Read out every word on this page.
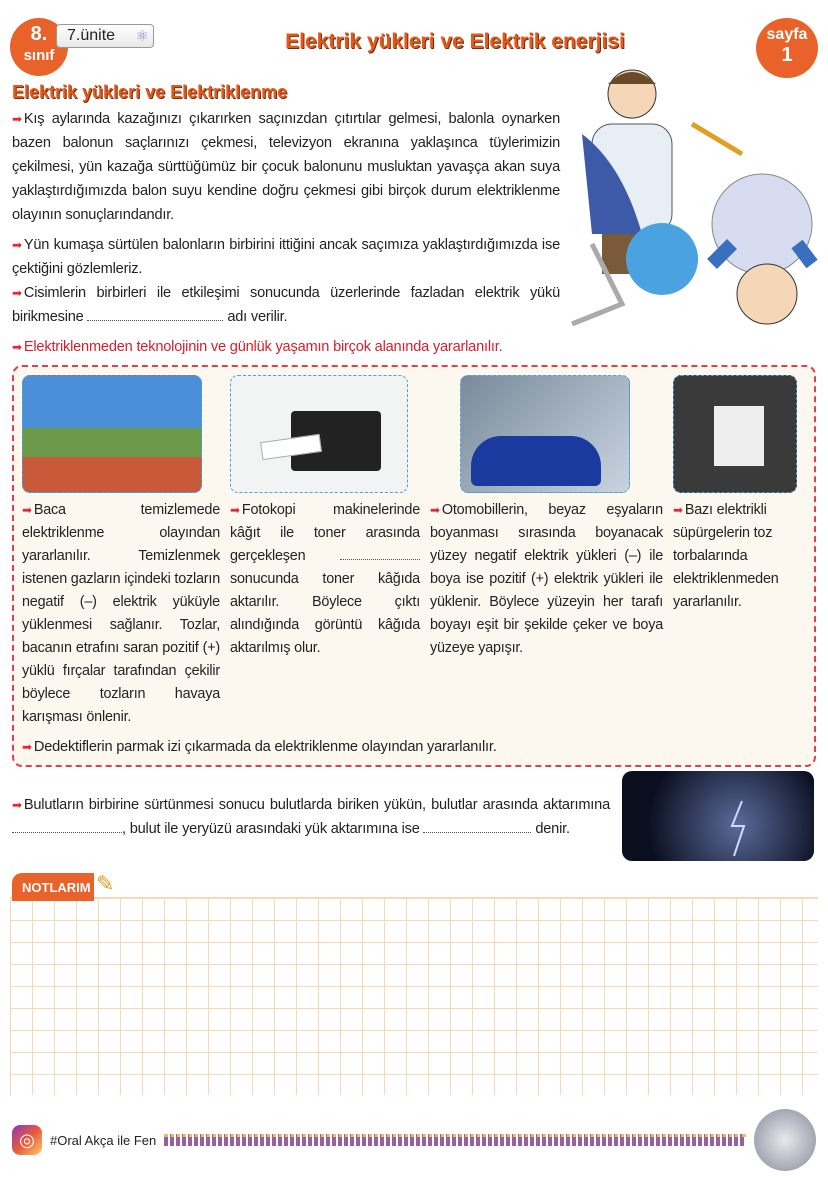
8.
sınıf
7.ünite ⚛	Elektrik yükleri ve Elektrik enerjisi	sayfa
1
Elektrik yükleri ve Elektriklenme
➡ Kış aylarında kazağınızı çıkarırken saçınızdan çıtırtılar gelmesi, balonla oynarken bazen balonun saçlarınızı çekmesi, televizyon ekranına yaklaşınca tüylerimizin çekilmesi, yün kazağa sürttüğümüz bir çocuk balonunu musluktan yavaşça akan suya yaklaştırdığımızda balon suyu kendine doğru çekmesi gibi birçok durum elektriklenme olayının sonuçlarındandır.
➡ Yün kumaşa sürtülen balonların birbirini ittiğini ancak saçımıza yaklaştırdığımızda ise çektiğini gözlemleriz.
➡ Cisimlerin birbirleri ile etkileşimi sonucunda üzerlerinde fazladan elektrik yükü birikmesine	adı verilir.
➡ Elektriklenmeden teknolojinin ve günlük yaşamın birçok alanında yararlanılır.
➡ Baca temizlemede elektriklenme olayından yararlanılır. Temizlenmek istenen gazların içindeki tozların negatif (–) elektrik yüküyle yüklenmesi sağlanır. Tozlar, bacanın etrafını saran pozitif (+) yüklü fırçalar tarafından çekilir böylece tozların havaya karışması önlenir.
➡ Fotokopi makinelerinde kâğıt ile toner arasında gerçekleşen  sonucunda toner kâğıda aktarılır. Böylece çıktı alındığında görüntü kâğıda aktarılmış olur.
➡ Otomobillerin, beyaz eşyaların boyanması sırasında boyanacak yüzey negatif elektrik yükleri (–) ile boya ise pozitif (+) elektrik yükleri ile yüklenir. Böylece yüzeyin her tarafı boyayı eşit bir şekilde çeker ve boya yüzeye yapışır.
➡ Bazı elektrikli süpürgelerin toz torbalarında elektriklenmeden yararlanılır.
➡ Dedektiflerin parmak izi çıkarmada da elektriklenme olayından yararlanılır.
➡ Bulutların birbirine sürtünmesi sonucu bulutlarda biriken yükün, bulutlar arasında aktarımına , bulut ile yeryüzü arasındaki yük aktarımına ise	denir.
NOTLARIM ✎
◎	#Oral Akça ile Fen
